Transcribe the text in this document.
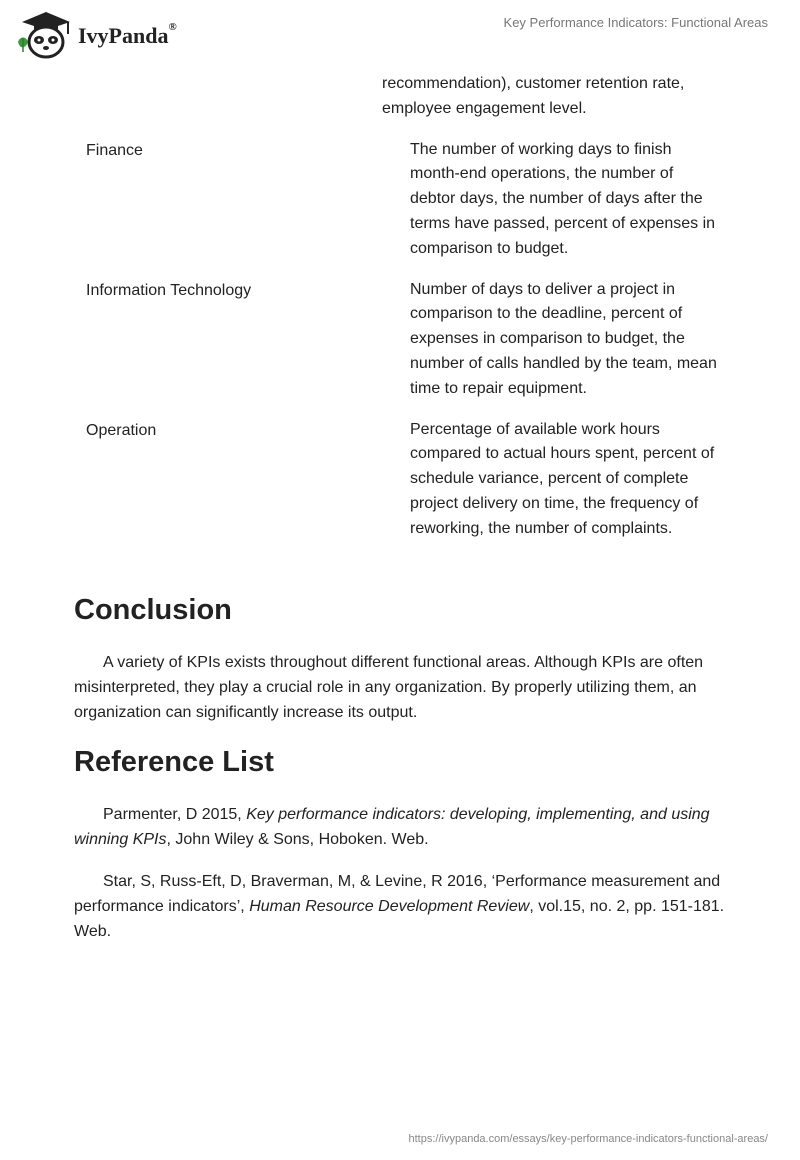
IvyPanda®	Key Performance Indicators: Functional Areas
recommendation), customer retention rate, employee engagement level.
Finance	The number of working days to finish month-end operations, the number of debtor days, the number of days after the terms have passed, percent of expenses in comparison to budget.
Information Technology	Number of days to deliver a project in comparison to the deadline, percent of expenses in comparison to budget, the number of calls handled by the team, mean time to repair equipment.
Operation	Percentage of available work hours compared to actual hours spent, percent of schedule variance, percent of complete project delivery on time, the frequency of reworking, the number of complaints.
Conclusion

A variety of KPIs exists throughout different functional areas. Although KPIs are often misinterpreted, they play a crucial role in any organization. By properly utilizing them, an organization can significantly increase its output.

Reference List

Parmenter, D 2015, Key performance indicators: developing, implementing, and using winning KPIs, John Wiley & Sons, Hoboken. Web.

Star, S, Russ-Eft, D, Braverman, M, & Levine, R 2016, ‘Performance measurement and performance indicators’, Human Resource Development Review, vol.15, no. 2, pp. 151-181. Web.

https://ivypanda.com/essays/key-performance-indicators-functional-areas/
